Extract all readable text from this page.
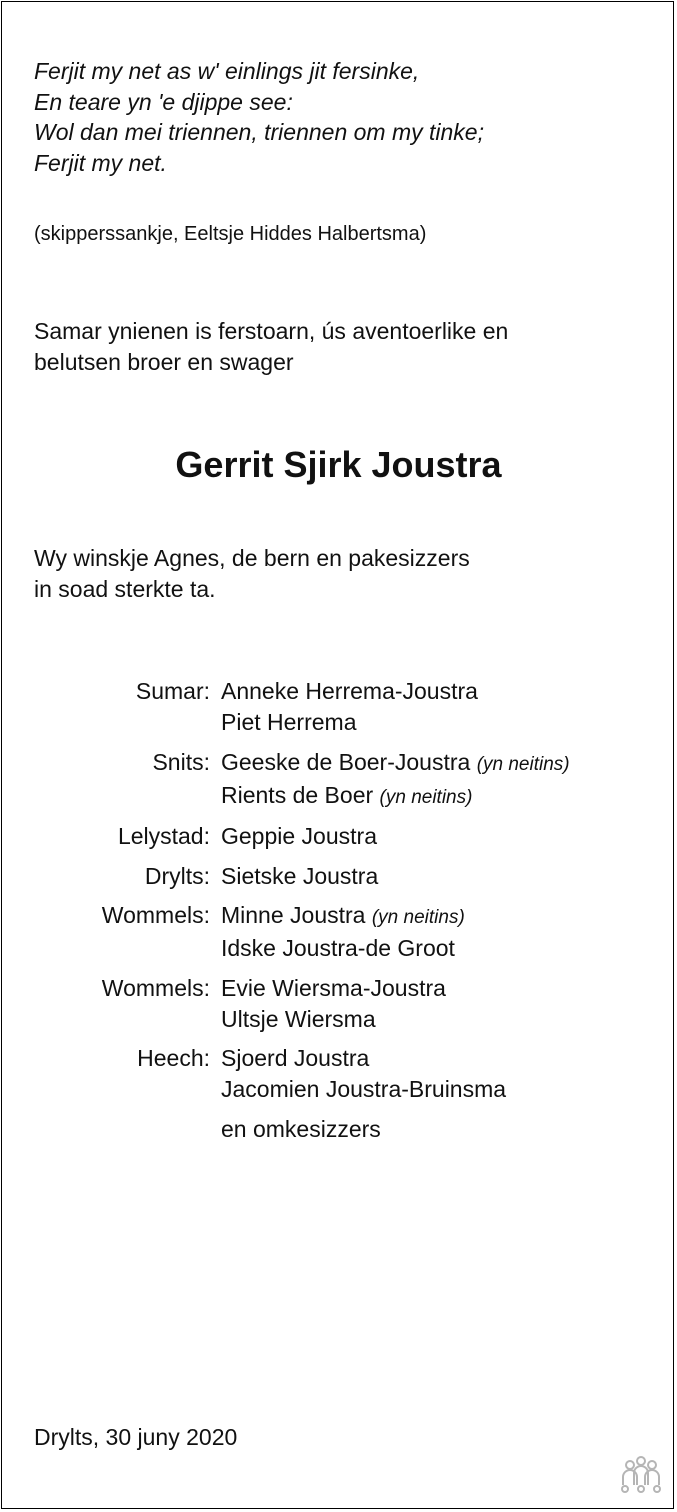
Ferjit my net as w' einlings jit fersinke,
En teare yn 'e djippe see:
Wol dan mei triennen, triennen om my tinke;
Ferjit my net.
(skipperssankje, Eeltsje Hiddes Halbertsma)
Samar ynienen is ferstoarn, ús aventoerlike en
belutsen broer en swager
Gerrit Sjirk Joustra
Wy winskje Agnes, de bern en pakesizzers
in soad sterkte ta.
Sumar: Anneke Herrema-Joustra
Piet Herrema
Snits: Geeske de Boer-Joustra (yn neitins)
Rients de Boer (yn neitins)
Lelystad: Geppie Joustra
Drylts: Sietske Joustra
Wommels: Minne Joustra (yn neitins)
Idske Joustra-de Groot
Wommels: Evie Wiersma-Joustra
Ultsje Wiersma
Heech: Sjoerd Joustra
Jacomien Joustra-Bruinsma
en omkesizzers
Drylts, 30 juny 2020
